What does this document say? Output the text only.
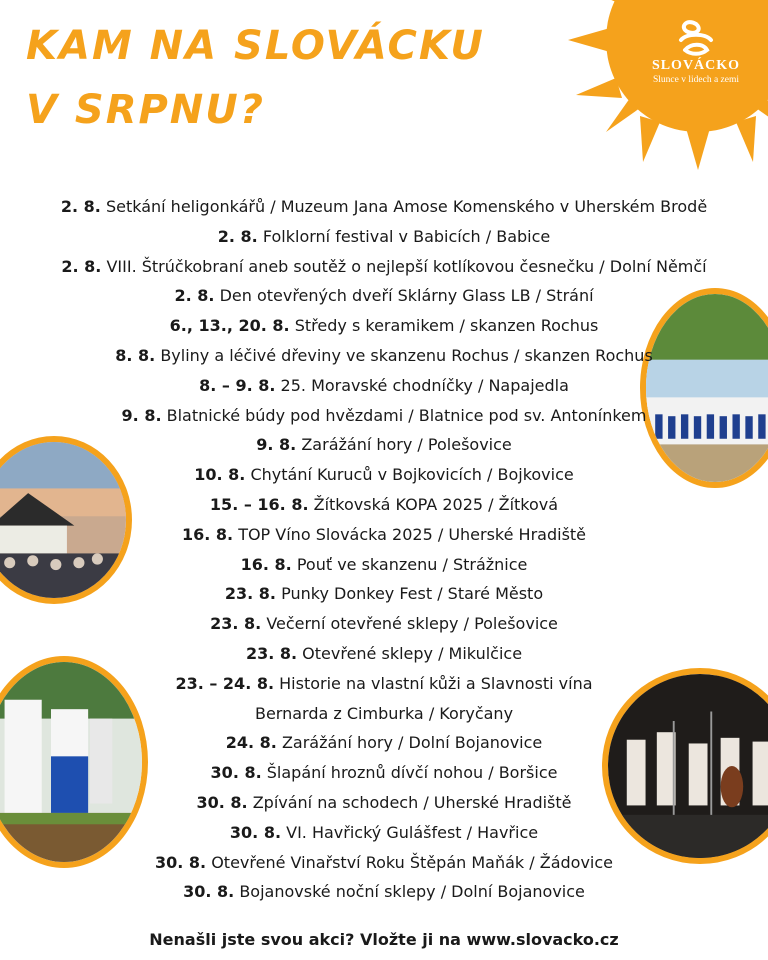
KAM NA SLOVÁCKU
V SRPNU?
SLOVÁCKO
Slunce v lidech a zemi
2. 8. Setkání heligonkářů / Muzeum Jana Amose Komenského v Uherském Brodě
2. 8. Folklorní festival v Babicích / Babice
2. 8. VIII. Štrúčkobraní aneb soutěž o nejlepší kotlíkovou česnečku / Dolní Němčí
2. 8. Den otevřených dveří Sklárny Glass LB / Strání
6., 13., 20. 8. Středy s keramikem / skanzen Rochus
8. 8. Byliny a léčivé dřeviny ve skanzenu Rochus / skanzen Rochus
8. – 9. 8. 25. Moravské chodníčky / Napajedla
9. 8. Blatnické búdy pod hvězdami / Blatnice pod sv. Antonínkem
9. 8. Zarážání hory / Polešovice
10. 8. Chytání Kuruců v Bojkovicích / Bojkovice
15. – 16. 8. Žítkovská KOPA 2025 / Žítková
16. 8. TOP Víno Slovácka 2025 / Uherské Hradiště
16. 8. Pouť ve skanzenu / Strážnice
23. 8. Punky Donkey Fest / Staré Město
23. 8. Večerní otevřené sklepy / Polešovice
23. 8. Otevřené sklepy / Mikulčice
23. – 24. 8. Historie na vlastní kůži a Slavnosti vína
Bernarda z Cimburka / Koryčany
24. 8. Zarážání hory / Dolní Bojanovice
30. 8. Šlapání hroznů dívčí nohou / Boršice
30. 8. Zpívání na schodech / Uherské Hradiště
30. 8. VI. Havřický Gulášfest / Havřice
30. 8. Otevřené Vinařství Roku Štěpán Maňák / Žádovice
30. 8. Bojanovské noční sklepy / Dolní Bojanovice
Nenašli jste svou akci? Vložte ji na www.slovacko.cz
